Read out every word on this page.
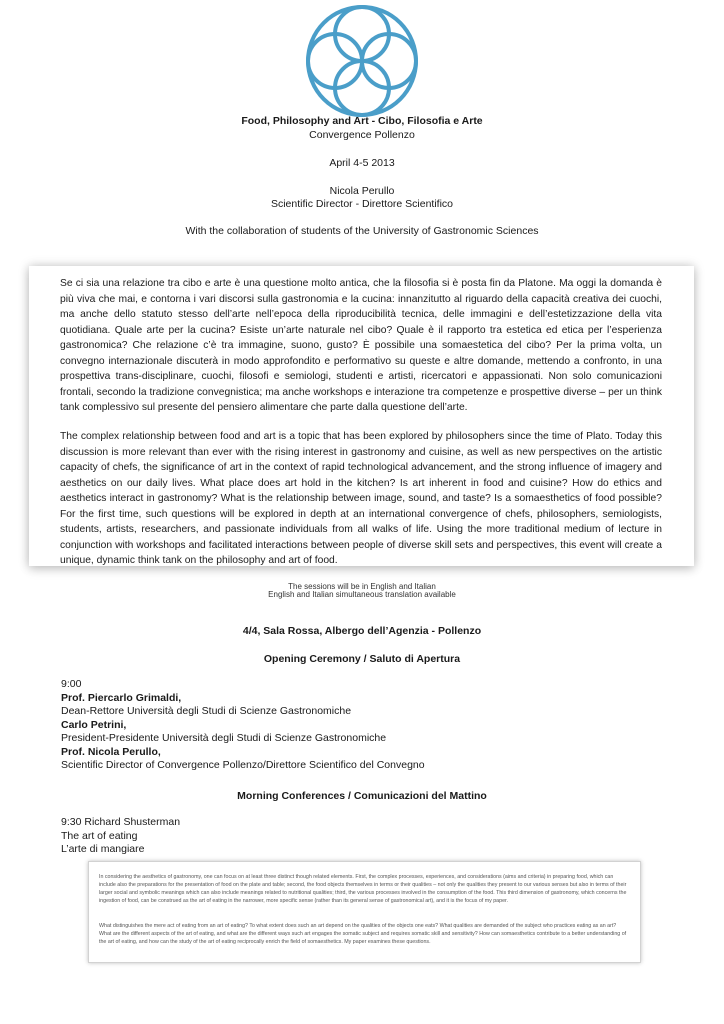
Food, Philosophy and Art - Cibo, Filosofia e Arte
Convergence Pollenzo
April 4-5 2013
Nicola Perullo
Scientific Director - Direttore Scientifico
With the collaboration of students of the University of Gastronomic Sciences

Se ci sia una relazione tra cibo e arte è una questione molto antica, che la filosofia si è posta fin da Platone. Ma oggi la domanda è più viva che mai, e contorna i vari discorsi sulla gastronomia e la cucina: innanzitutto al riguardo della capacità creativa dei cuochi, ma anche dello statuto stesso dell’arte nell’epoca della riproducibilità tecnica, delle immagini e dell’estetizzazione della vita quotidiana. Quale arte per la cucina? Esiste un’arte naturale nel cibo? Quale è il rapporto tra estetica ed etica per l’esperienza gastronomica? Che relazione c’è tra immagine, suono, gusto? È possibile una somaestetica del cibo? Per la prima volta, un convegno internazionale discuterà in modo approfondito e performativo su queste e altre domande, mettendo a confronto, in una prospettiva trans-disciplinare, cuochi, filosofi e semiologi, studenti e artisti, ricercatori e appassionati. Non solo comunicazioni frontali, secondo la tradizione convegnistica; ma anche workshops e interazione tra competenze e prospettive diverse – per un think tank complessivo sul presente del pensiero alimentare che parte dalla questione dell’arte.

The complex relationship between food and art is a topic that has been explored by philosophers since the time of Plato. Today this discussion is more relevant than ever with the rising interest in gastronomy and cuisine, as well as new perspectives on the artistic capacity of chefs, the significance of art in the context of rapid technological advancement, and the strong influence of imagery and aesthetics on our daily lives. What place does art hold in the kitchen? Is art inherent in food and cuisine? How do ethics and aesthetics interact in gastronomy? What is the relationship between image, sound, and taste? Is a somaesthetics of food possible? For the first time, such questions will be explored in depth at an international convergence of chefs, philosophers, semiologists, students, artists, researchers, and passionate individuals from all walks of life. Using the more traditional medium of lecture in conjunction with workshops and facilitated interactions between people of diverse skill sets and perspectives, this event will create a unique, dynamic think tank on the philosophy and art of food.

The sessions will be in English and Italian
English and Italian simultaneous translation available
4/4, Sala Rossa, Albergo dell’Agenzia - Pollenzo
Opening Ceremony / Saluto di Apertura
9:00
Prof. Piercarlo Grimaldi,
Dean-Rettore Università degli Studi di Scienze Gastronomiche
Carlo Petrini,
President-Presidente Università degli Studi di Scienze Gastronomiche
Prof. Nicola Perullo,
Scientific Director of Convergence Pollenzo/Direttore Scientifico del Convegno
Morning Conferences / Comunicazioni del Mattino
9:30 Richard Shusterman
The art of eating
L’arte di mangiare

In considering the aesthetics of gastronomy, one can focus on at least three distinct though related elements. First, the complex processes, experiences, and considerations (aims and criteria) in preparing food, which can include also the preparations for the presentation of food on the plate and table; second, the food objects themselves in terms or their qualities – not only the qualities they present to our various senses but also in terms of their larger social and symbolic meanings which can also include meanings related to nutritional qualities; third, the various processes involved in the consumption of the food. This third dimension of gastronomy, which concerns the ingestion of food, can be construed as the art of eating in the narrower, more specific sense (rather than its general sense of gastronomical art), and it is the focus of my paper.

What distinguishes the mere act of eating from an art of eating? To what extent does such an art depend on the qualities of the objects one eats? What qualities are demanded of the subject who practices eating as an art? What are the different aspects of the art of eating, and what are the different ways such art engages the somatic subject and requires somatic skill and sensitivity? How can somaesthetics contribute to a better understanding of the art of eating, and how can the study of the art of eating reciprocally enrich the field of somaesthetics. My paper examines these questions.
